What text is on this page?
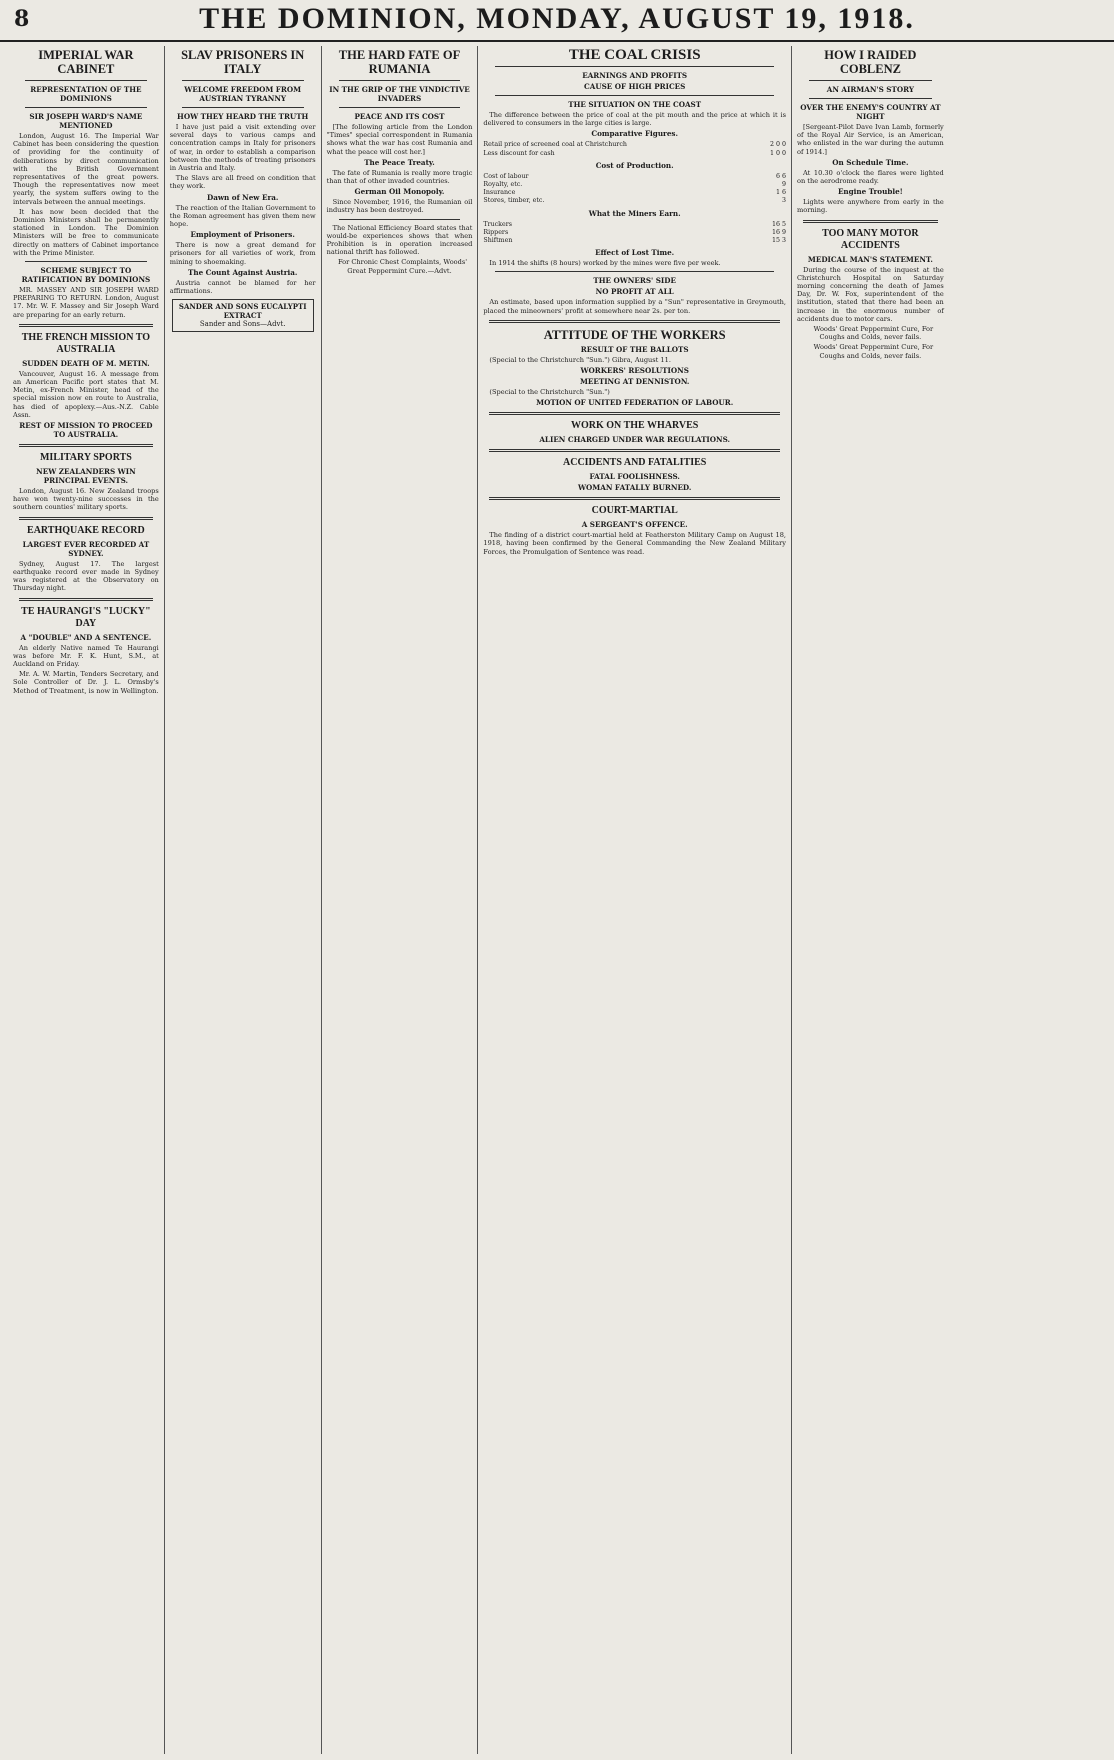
8	THE DOMINION, MONDAY, AUGUST 19, 1918.
IMPERIAL WAR CABINET
REPRESENTATION OF THE DOMINIONS
SIR JOSEPH WARD'S NAME MENTIONED
London, August 16. The Imperial War Cabinet has been considering the question of providing for the continuity of deliberations by direct communication with the British Government representatives of the great powers. Though the representatives now meet yearly, the system suffers owing to the intervals between the annual meetings.
It has now been decided that the Dominion Ministers shall be permanently stationed in London. The Dominion Ministers will be free to communicate directly on matters of Cabinet importance with the Prime Minister.
SCHEME SUBJECT TO RATIFICATION BY DOMINIONS
MR. MASSEY AND SIR JOSEPH WARD PREPARING TO RETURN. London, August 17. Mr. W. F. Massey and Sir Joseph Ward are preparing for an early return.
THE FRENCH MISSION TO AUSTRALIA
SUDDEN DEATH OF M. METIN.
Vancouver, August 16. A message from an American Pacific port states that M. Metin, ex-French Minister, head of the special mission now en route to Australia, has died of apoplexy.—Aus.-N.Z. Cable Assn.
REST OF MISSION TO PROCEED TO AUSTRALIA.
MILITARY SPORTS
NEW ZEALANDERS WIN PRINCIPAL EVENTS.
London, August 16. New Zealand troops have won twenty-nine successes in the southern counties' military sports.
EARTHQUAKE RECORD
LARGEST EVER RECORDED AT SYDNEY.
Sydney, August 17. The largest earthquake record ever made in Sydney was registered at the Observatory on Thursday night.
TE HAURANGI'S "LUCKY" DAY
A "DOUBLE" AND A SENTENCE.
An elderly Native named Te Haurangi was before Mr. F. K. Hunt, S.M., at Auckland on Friday.
Mr. A. W. Martin, Tenders Secretary, and Sole Controller of Dr. J. L. Ormsby's Method of Treatment, is now in Wellington.
SLAV PRISONERS IN ITALY
WELCOME FREEDOM FROM AUSTRIAN TYRANNY
HOW THEY HEARD THE TRUTH
I have just paid a visit extending over several days to various camps and concentration camps in Italy for prisoners of war, in order to establish a comparison between the methods of treating prisoners in Austria and Italy.
The Slavs are all freed on condition that they work.
Dawn of New Era.
The reaction of the Italian Government to the Roman agreement has given them new hope.
Employment of Prisoners.
There is now a great demand for prisoners for all varieties of work, from mining to shoemaking.
The Count Against Austria.
Austria cannot be blamed for her affirmations.
SANDER AND SONS EUCALYPTI EXTRACT
Sander and Sons—Advt.
THE HARD FATE OF RUMANIA
IN THE GRIP OF THE VINDICTIVE INVADERS
PEACE AND ITS COST
[The following article from the London "Times" special correspondent in Rumania shows what the war has cost Rumania and what the peace will cost her.]
The Peace Treaty.
The fate of Rumania is really more tragic than that of other invaded countries.
German Oil Monopoly.
Since November, 1916, the Rumanian oil industry has been destroyed.
The National Efficiency Board states that would-be experiences shows that when Prohibition is in operation increased national thrift has followed.
For Chronic Chest Complaints, Woods' Great Peppermint Cure.—Advt.
THE COAL CRISIS
EARNINGS AND PROFITS
CAUSE OF HIGH PRICES
THE SITUATION ON THE COAST
The difference between the price of coal at the pit mouth and the price at which it is delivered to consumers in the large cities is large.
Comparative Figures.
Retail price of screened coal at Christchurch	2 0 0
Less discount for cash	1 0 0
Cost of Production.
Cost of labour	6 6
Royalty, etc.	9
Insurance	1 6
Stores, timber, etc.	3
What the Miners Earn.
Truckers	16 5
Rippers	16 9
Shiftmen	15 3
Effect of Lost Time.
In 1914 the shifts (8 hours) worked by the mines were five per week.
THE OWNERS' SIDE
NO PROFIT AT ALL
An estimate, based upon information supplied by a "Sun" representative in Greymouth, placed the mineowners' profit at somewhere near 2s. per ton.
ATTITUDE OF THE WORKERS
RESULT OF THE BALLOTS
(Special to the Christchurch "Sun.") Gibra, August 11.
WORKERS' RESOLUTIONS
MEETING AT DENNISTON.
(Special to the Christchurch "Sun.")
MOTION OF UNITED FEDERATION OF LABOUR.
WORK ON THE WHARVES
ALIEN CHARGED UNDER WAR REGULATIONS.
ACCIDENTS AND FATALITIES
FATAL FOOLISHNESS.
WOMAN FATALLY BURNED.
COURT-MARTIAL
A SERGEANT'S OFFENCE.
The finding of a district court-martial held at Featherston Military Camp on August 18, 1918, having been confirmed by the General Commanding the New Zealand Military Forces, the Promulgation of Sentence was read.
HOW I RAIDED COBLENZ
AN AIRMAN'S STORY
OVER THE ENEMY'S COUNTRY AT NIGHT
[Sergeant-Pilot Dave Ivan Lamb, formerly of the Royal Air Service, is an American, who enlisted in the war during the autumn of 1914.]
On Schedule Time.
At 10.30 o'clock the flares were lighted on the aerodrome ready.
Engine Trouble!
Lights were anywhere from early in the morning.
TOO MANY MOTOR ACCIDENTS
MEDICAL MAN'S STATEMENT.
During the course of the inquest at the Christchurch Hospital on Saturday morning concerning the death of James Day, Dr. W. Fox, superintendent of the institution, stated that there had been an increase in the enormous number of accidents due to motor cars.
Woods' Great Peppermint Cure, For Coughs and Colds, never fails.
Woods' Great Peppermint Cure, For Coughs and Colds, never fails.
